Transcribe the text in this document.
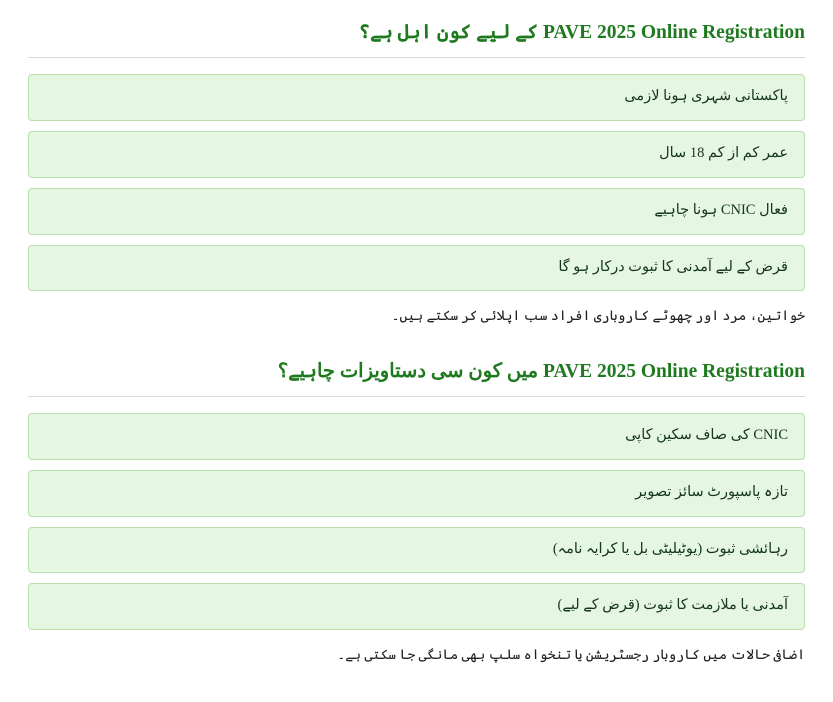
PAVE 2025 Online Registration کے لیے کون اہل ہے؟
پاکستانی شہری ہونا لازمی
عمر کم از کم 18 سال
فعال CNIC ہونا چاہیے
قرض کے لیے آمدنی کا ثبوت درکار ہو گا

خواتین، مرد اور چھوٹے کاروباری افراد سب اپلائی کر سکتے ہیں۔

PAVE 2025 Online Registration میں کون سی دستاویزات چاہیے؟
CNIC کی صاف سکین کاپی
تازہ پاسپورٹ سائز تصویر
رہائشی ثبوت (یوٹیلیٹی بل یا کرایہ نامہ)
آمدنی یا ملازمت کا ثبوت (قرض کے لیے)

اضافی حالات میں کاروبار رجسٹریشن یا تنخواہ سلپ بھی مانگی جا سکتی ہے۔
